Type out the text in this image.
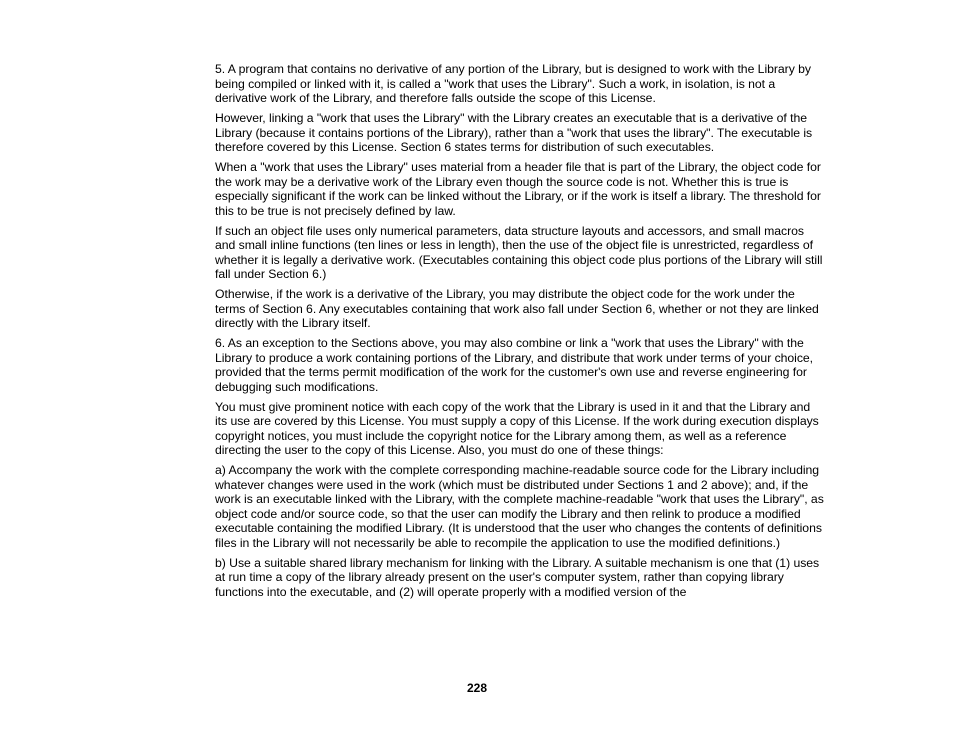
5. A program that contains no derivative of any portion of the Library, but is designed to work with the Library by being compiled or linked with it, is called a "work that uses the Library". Such a work, in isolation, is not a derivative work of the Library, and therefore falls outside the scope of this License.

However, linking a "work that uses the Library" with the Library creates an executable that is a derivative of the Library (because it contains portions of the Library), rather than a "work that uses the library". The executable is therefore covered by this License. Section 6 states terms for distribution of such executables.

When a "work that uses the Library" uses material from a header file that is part of the Library, the object code for the work may be a derivative work of the Library even though the source code is not. Whether this is true is especially significant if the work can be linked without the Library, or if the work is itself a library. The threshold for this to be true is not precisely defined by law.

If such an object file uses only numerical parameters, data structure layouts and accessors, and small macros and small inline functions (ten lines or less in length), then the use of the object file is unrestricted, regardless of whether it is legally a derivative work. (Executables containing this object code plus portions of the Library will still fall under Section 6.)

Otherwise, if the work is a derivative of the Library, you may distribute the object code for the work under the terms of Section 6. Any executables containing that work also fall under Section 6, whether or not they are linked directly with the Library itself.

6. As an exception to the Sections above, you may also combine or link a "work that uses the Library" with the Library to produce a work containing portions of the Library, and distribute that work under terms of your choice, provided that the terms permit modification of the work for the customer's own use and reverse engineering for debugging such modifications.

You must give prominent notice with each copy of the work that the Library is used in it and that the Library and its use are covered by this License. You must supply a copy of this License. If the work during execution displays copyright notices, you must include the copyright notice for the Library among them, as well as a reference directing the user to the copy of this License. Also, you must do one of these things:

a) Accompany the work with the complete corresponding machine-readable source code for the Library including whatever changes were used in the work (which must be distributed under Sections 1 and 2 above); and, if the work is an executable linked with the Library, with the complete machine-readable "work that uses the Library", as object code and/or source code, so that the user can modify the Library and then relink to produce a modified executable containing the modified Library. (It is understood that the user who changes the contents of definitions files in the Library will not necessarily be able to recompile the application to use the modified definitions.)

b) Use a suitable shared library mechanism for linking with the Library. A suitable mechanism is one that (1) uses at run time a copy of the library already present on the user's computer system, rather than copying library functions into the executable, and (2) will operate properly with a modified version of the

228
